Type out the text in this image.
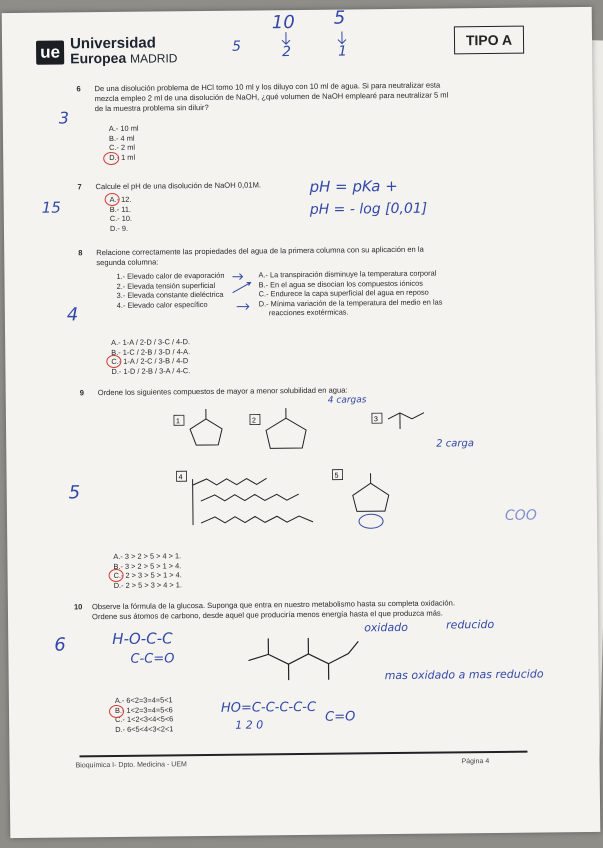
ue Universidad
Europea MADRID
TIPO A
10 5
2	1
5
6 De una disolución problema de HCl tomo 10 ml y los diluyo con 10 ml de agua. Si para neutralizar esta
mezcla empleo 2 ml de una disolución de NaOH, ¿qué volumen de NaOH emplearé para neutralizar 5 ml
de la muestra problema sin diluir?
A.- 10 ml
B.- 4 ml
C.- 2 ml
D.- 1 ml
3
7 Calcule el pH de una disolución de NaOH 0,01M.
A.- 12.
B.- 11.
C.- 10.
D.- 9.
15
pH = pKa +
pH = - log [0,01]
8 Relacione correctamente las propiedades del agua de la primera columna con su aplicación en la
segunda columna:
1.- Elevado calor de evaporación
2.- Elevada tensión superficial
3.- Elevada constante dieléctrica
4.- Elevado calor específico
A.- La transpiración disminuye la temperatura corporal
B.- En el agua se disocian los compuestos iónicos
C.- Endurece la capa superficial del agua en reposo
D.- Mínima variación de la temperatura del medio en las
reacciones exotérmicas.
A.- 1-A / 2-D / 3-C / 4-D.
B.- 1-C / 2-B / 3-D / 4-A.
C.- 1-A / 2-C / 3-B / 4-D
D.- 1-D / 2-B / 3-A / 4-C.
4
9 Ordene los siguientes compuestos de mayor a menor solubilidad en agua:
1	2	3
4	5
4 cargas
2 carga
COO
A.- 3 > 2 > 5 > 4 > 1.
B.- 3 > 2 > 5 > 1 > 4.
C.- 2 > 3 > 5 > 1 > 4.
D.- 2 > 5 > 3 > 4 > 1.
5
10 Observe la fórmula de la glucosa. Suponga que entra en nuestro metabolismo hasta su completa oxidación.
Ordene sus átomos de carbono, desde aquel que produciría menos energía hasta el que produzca más.
H-O-C-C
C-C=O
oxidado	reducido
mas oxidado a mas reducido
HO=C-C-C-C-C
C=O
1 2 0
A.- 6<2=3=4=5<1
B.- 1<2=3=4=5<6
C.- 1<2<3<4<5<6
D.- 6<5<4<3<2<1
6
Bioquímica I- Dpto. Medicina - UEM	Página 4
